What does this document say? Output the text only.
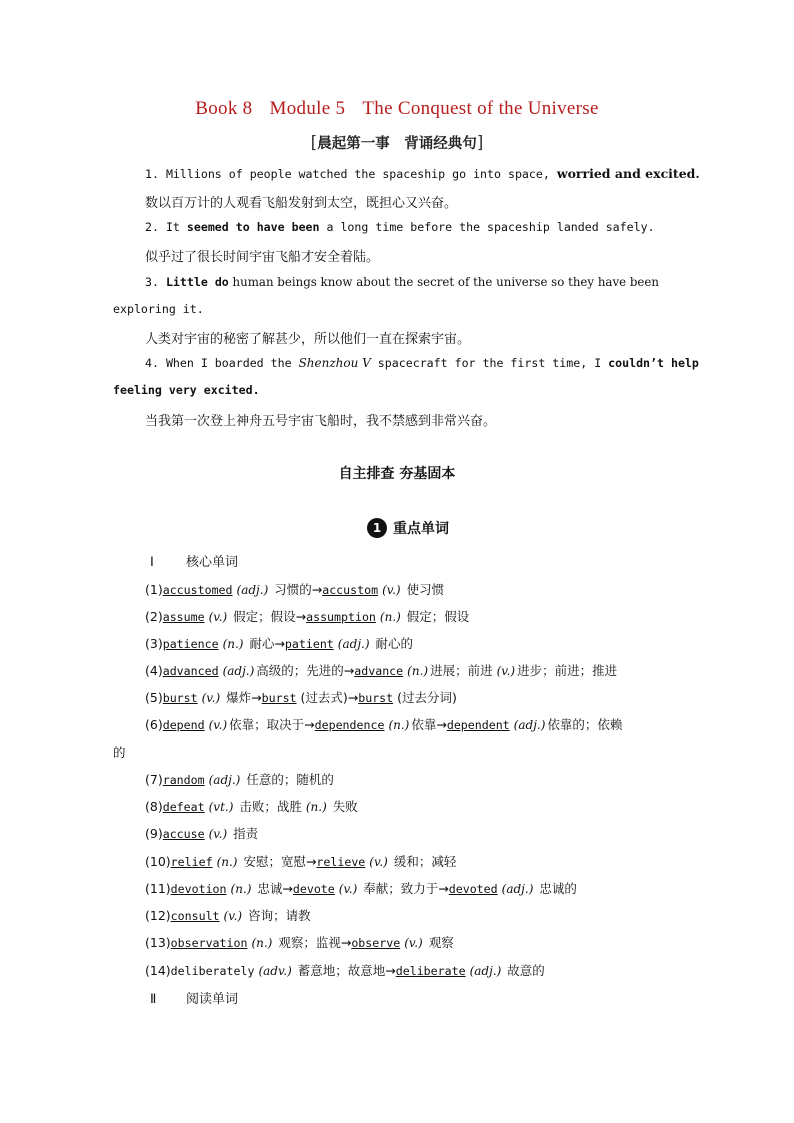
Book 8 Module 5 The Conquest of the Universe
[晨起第一事　背诵经典句]
1. Millions of people watched the spaceship go into space, worried and excited.
数以百万计的人观看飞船发射到太空，既担心又兴奋。
2. It seemed to have been a long time before the spaceship landed safely.
似乎过了很长时间宇宙飞船才安全着陆。
3. Little do human beings know about the secret of the universe so they have been
exploring it.
人类对宇宙的秘密了解甚少，所以他们一直在探索宇宙。
4. When I boarded the Shenzhou V spacecraft for the first time, I couldn’t help
feeling very excited.
当我第一次登上神舟五号宇宙飞船时，我不禁感到非常兴奋。
自主排查 夯基固本
1 重点单词
Ⅰ 核心单词
(1)accustomed (adj.) 习惯的→accustom (v.) 使习惯
(2)assume (v.) 假定；假设→assumption (n.) 假定；假设
(3)patience (n.) 耐心→patient (adj.) 耐心的
(4)advanced (adj.) 高级的；先进的→advance (n.) 进展；前进 (v.) 进步；前进；推进
(5)burst (v.) 爆炸→burst (过去式)→burst (过去分词)
(6)depend (v.) 依靠；取决于→dependence (n.) 依靠→dependent (adj.) 依靠的；依赖
(7)random (adj.) 任意的；随机的
(8)defeat (vt.) 击败；战胜 (n.) 失败
(9)accuse (v.) 指责
(10)relief (n.) 安慰；宽慰→relieve (v.) 缓和；减轻
(11)devotion (n.) 忠诚→devote (v.) 奉献；致力于→devoted (adj.) 忠诚的
(12)consult (v.) 咨询；请教
(13)observation (n.) 观察；监视→observe (v.) 观察
(14)deliberately (adv.) 蓄意地；故意地→deliberate (adj.) 故意的
的
Ⅱ 阅读单词
